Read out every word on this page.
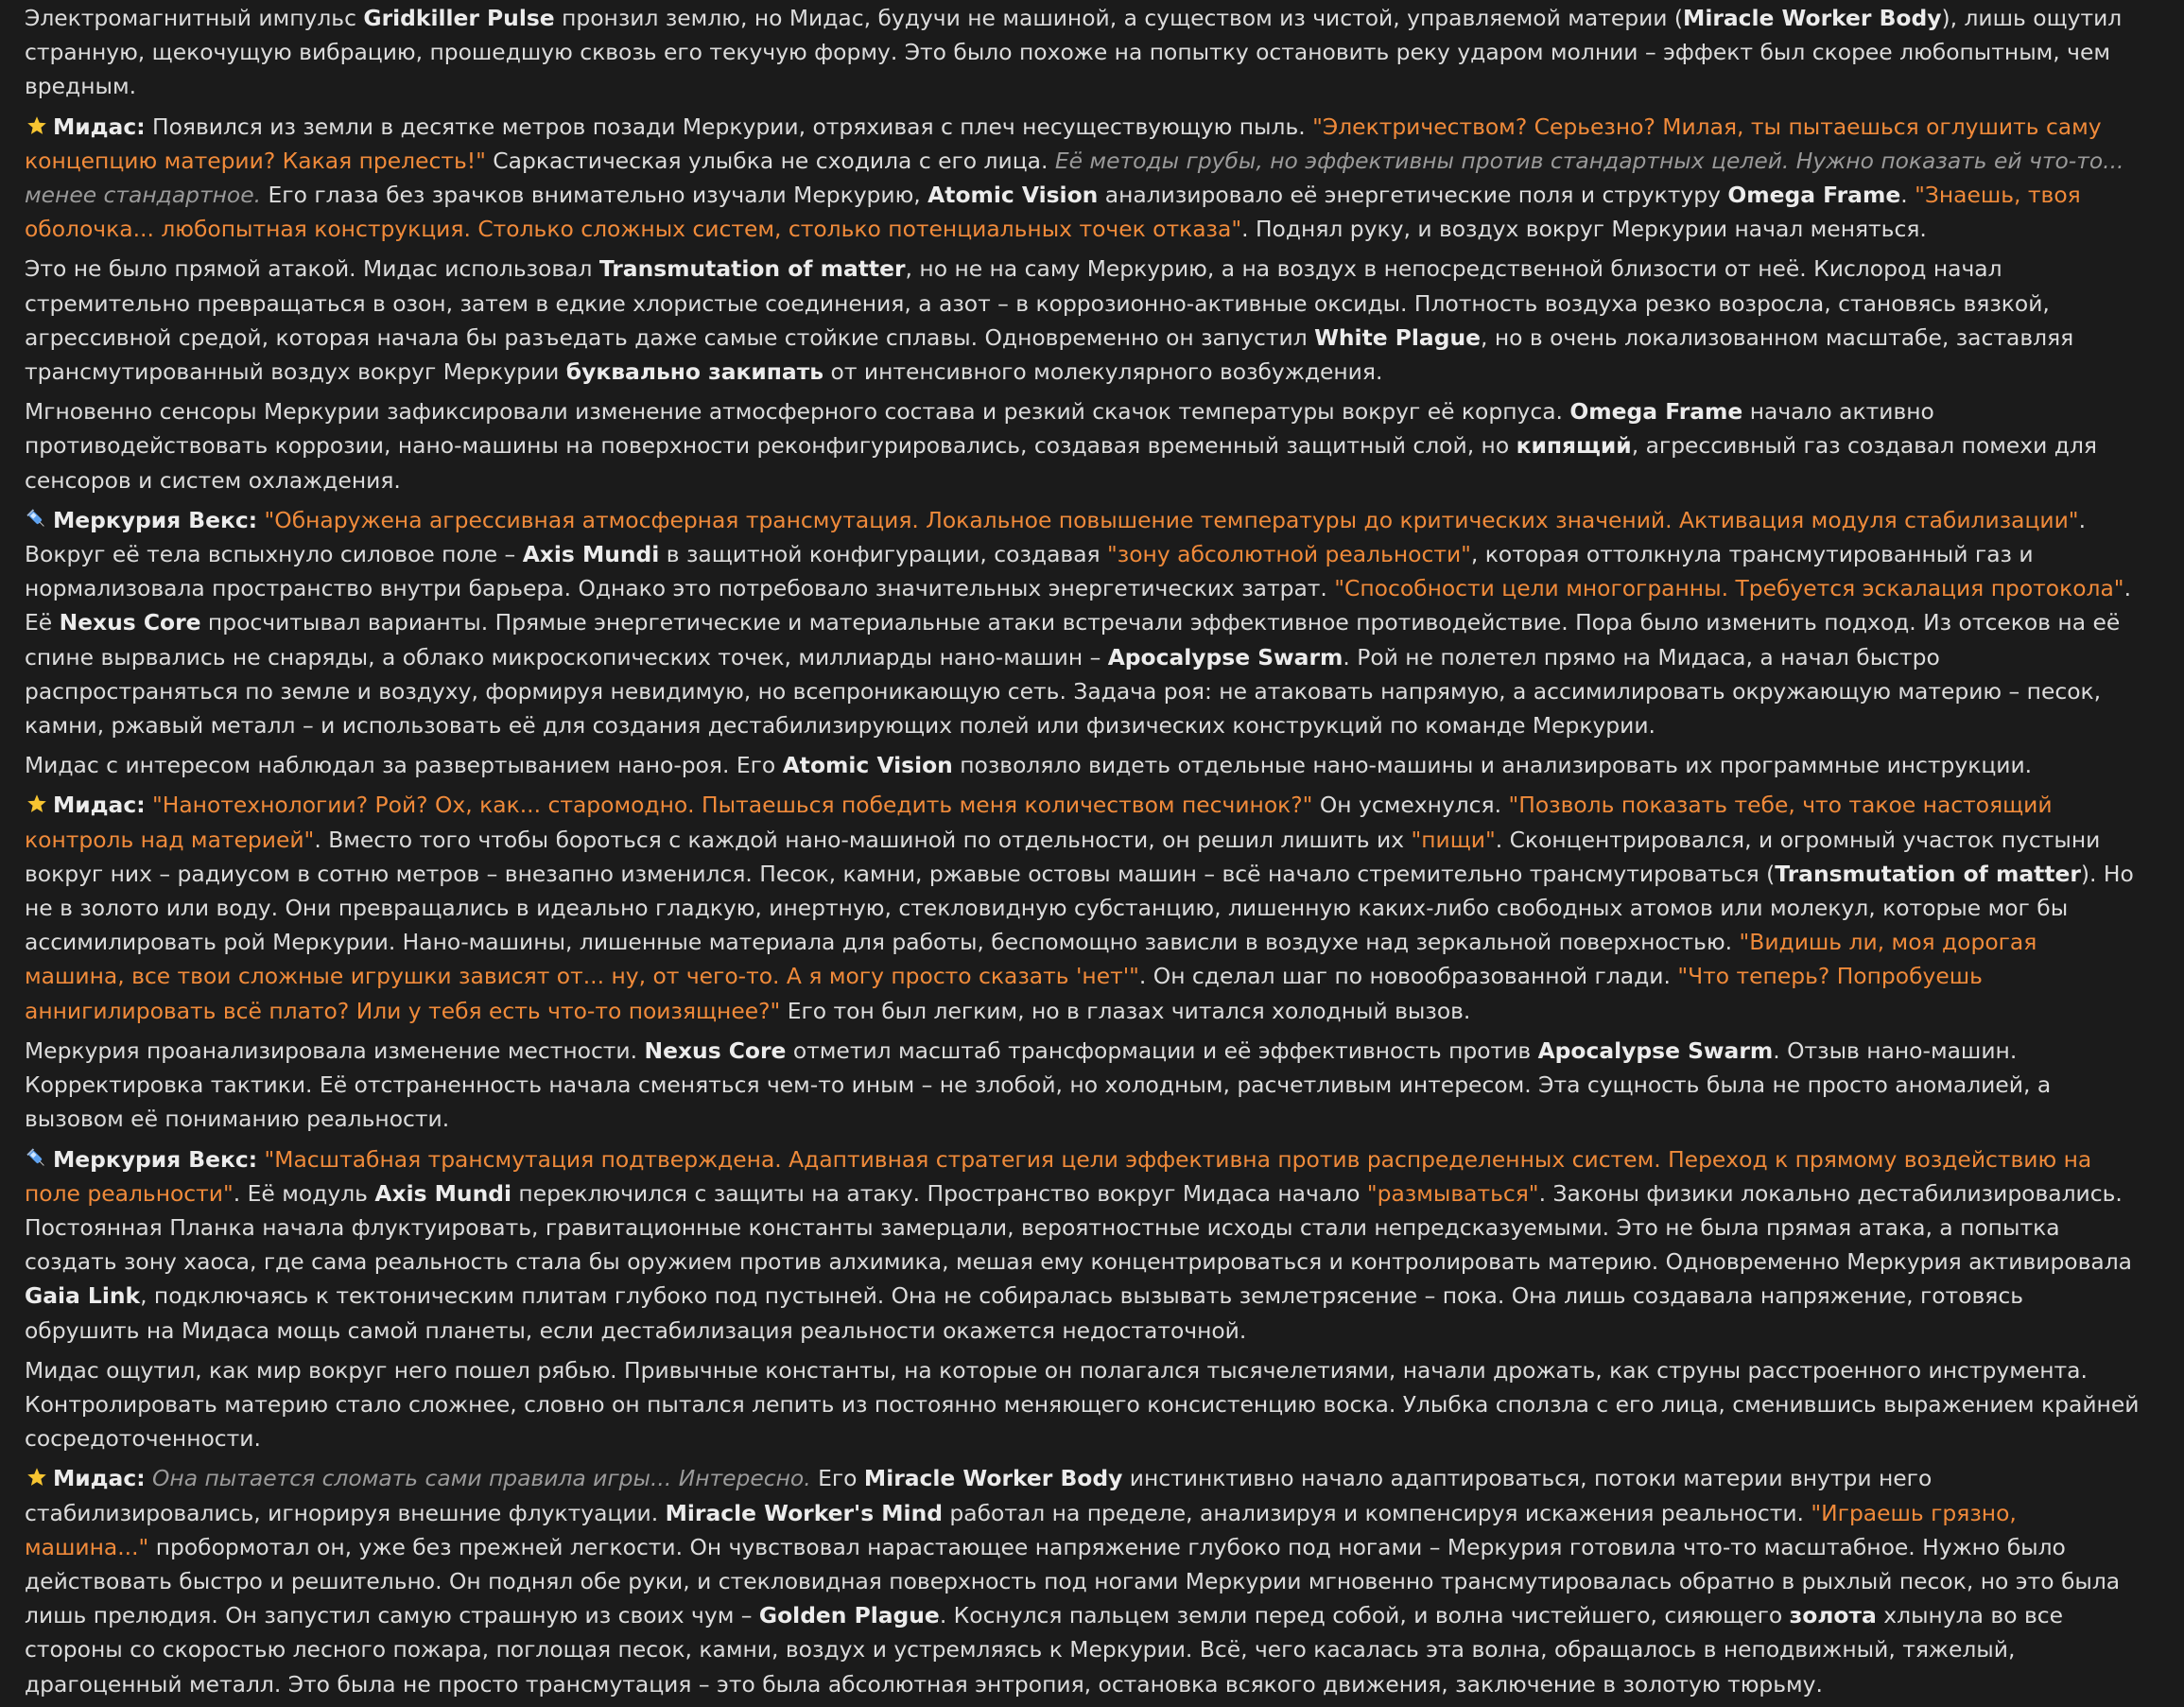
Электромагнитный импульс Gridkiller Pulse пронзил землю, но Мидас, будучи не машиной, а существом из чистой, управляемой материи (Miracle Worker Body), лишь ощутил странную, щекочущую вибрацию, прошедшую сквозь его текучую форму. Это было похоже на попытку остановить реку ударом молнии – эффект был скорее любопытным, чем вредным.

Мидас: Появился из земли в десятке метров позади Меркурии, отряхивая с плеч несуществующую пыль. "Электричеством? Серьезно? Милая, ты пытаешься оглушить саму концепцию материи? Какая прелесть!" Саркастическая улыбка не сходила с его лица. Её методы грубы, но эффективны против стандартных целей. Нужно показать ей что-то... менее стандартное. Его глаза без зрачков внимательно изучали Меркурию, Atomic Vision анализировало её энергетические поля и структуру Omega Frame. "Знаешь, твоя оболочка... любопытная конструкция. Столько сложных систем, столько потенциальных точек отказа". Поднял руку, и воздух вокруг Меркурии начал меняться.

Это не было прямой атакой. Мидас использовал Transmutation of matter, но не на саму Меркурию, а на воздух в непосредственной близости от неё. Кислород начал стремительно превращаться в озон, затем в едкие хлористые соединения, а азот – в коррозионно-активные оксиды. Плотность воздуха резко возросла, становясь вязкой, агрессивной средой, которая начала бы разъедать даже самые стойкие сплавы. Одновременно он запустил White Plague, но в очень локализованном масштабе, заставляя трансмутированный воздух вокруг Меркурии буквально закипать от интенсивного молекулярного возбуждения.

Мгновенно сенсоры Меркурии зафиксировали изменение атмосферного состава и резкий скачок температуры вокруг её корпуса. Omega Frame начало активно противодействовать коррозии, нано-машины на поверхности реконфигурировались, создавая временный защитный слой, но кипящий, агрессивный газ создавал помехи для сенсоров и систем охлаждения.

Меркурия Векс: "Обнаружена агрессивная атмосферная трансмутация. Локальное повышение температуры до критических значений. Активация модуля стабилизации". Вокруг её тела вспыхнуло силовое поле – Axis Mundi в защитной конфигурации, создавая "зону абсолютной реальности", которая оттолкнула трансмутированный газ и нормализовала пространство внутри барьера. Однако это потребовало значительных энергетических затрат. "Способности цели многогранны. Требуется эскалация протокола". Её Nexus Core просчитывал варианты. Прямые энергетические и материальные атаки встречали эффективное противодействие. Пора было изменить подход. Из отсеков на её спине вырвались не снаряды, а облако микроскопических точек, миллиарды нано-машин – Apocalypse Swarm. Рой не полетел прямо на Мидаса, а начал быстро распространяться по земле и воздуху, формируя невидимую, но всепроникающую сеть. Задача роя: не атаковать напрямую, а ассимилировать окружающую материю – песок, камни, ржавый металл – и использовать её для создания дестабилизирующих полей или физических конструкций по команде Меркурии.

Мидас с интересом наблюдал за развертыванием нано-роя. Его Atomic Vision позволяло видеть отдельные нано-машины и анализировать их программные инструкции.

Мидас: "Нанотехнологии? Рой? Ох, как... старомодно. Пытаешься победить меня количеством песчинок?" Он усмехнулся. "Позволь показать тебе, что такое настоящий контроль над материей". Вместо того чтобы бороться с каждой нано-машиной по отдельности, он решил лишить их "пищи". Сконцентрировался, и огромный участок пустыни вокруг них – радиусом в сотню метров – внезапно изменился. Песок, камни, ржавые остовы машин – всё начало стремительно трансмутироваться (Transmutation of matter). Но не в золото или воду. Они превращались в идеально гладкую, инертную, стекловидную субстанцию, лишенную каких-либо свободных атомов или молекул, которые мог бы ассимилировать рой Меркурии. Нано-машины, лишенные материала для работы, беспомощно зависли в воздухе над зеркальной поверхностью. "Видишь ли, моя дорогая машина, все твои сложные игрушки зависят от... ну, от чего-то. А я могу просто сказать 'нет'". Он сделал шаг по новообразованной глади. "Что теперь? Попробуешь аннигилировать всё плато? Или у тебя есть что-то поизящнее?" Его тон был легким, но в глазах читался холодный вызов.

Меркурия проанализировала изменение местности. Nexus Core отметил масштаб трансформации и её эффективность против Apocalypse Swarm. Отзыв нано-машин. Корректировка тактики. Её отстраненность начала сменяться чем-то иным – не злобой, но холодным, расчетливым интересом. Эта сущность была не просто аномалией, а вызовом её пониманию реальности.

Меркурия Векс: "Масштабная трансмутация подтверждена. Адаптивная стратегия цели эффективна против распределенных систем. Переход к прямому воздействию на поле реальности". Её модуль Axis Mundi переключился с защиты на атаку. Пространство вокруг Мидаса начало "размываться". Законы физики локально дестабилизировались. Постоянная Планка начала флуктуировать, гравитационные константы замерцали, вероятностные исходы стали непредсказуемыми. Это не была прямая атака, а попытка создать зону хаоса, где сама реальность стала бы оружием против алхимика, мешая ему концентрироваться и контролировать материю. Одновременно Меркурия активировала Gaia Link, подключаясь к тектоническим плитам глубоко под пустыней. Она не собиралась вызывать землетрясение – пока. Она лишь создавала напряжение, готовясь обрушить на Мидаса мощь самой планеты, если дестабилизация реальности окажется недостаточной.

Мидас ощутил, как мир вокруг него пошел рябью. Привычные константы, на которые он полагался тысячелетиями, начали дрожать, как струны расстроенного инструмента. Контролировать материю стало сложнее, словно он пытался лепить из постоянно меняющего консистенцию воска. Улыбка сползла с его лица, сменившись выражением крайней сосредоточенности.

Мидас: Она пытается сломать сами правила игры... Интересно. Его Miracle Worker Body инстинктивно начало адаптироваться, потоки материи внутри него стабилизировались, игнорируя внешние флуктуации. Miracle Worker's Mind работал на пределе, анализируя и компенсируя искажения реальности. "Играешь грязно, машина..." пробормотал он, уже без прежней легкости. Он чувствовал нарастающее напряжение глубоко под ногами – Меркурия готовила что-то масштабное. Нужно было действовать быстро и решительно. Он поднял обе руки, и стекловидная поверхность под ногами Меркурии мгновенно трансмутировалась обратно в рыхлый песок, но это была лишь прелюдия. Он запустил самую страшную из своих чум – Golden Plague. Коснулся пальцем земли перед собой, и волна чистейшего, сияющего золота хлынула во все стороны со скоростью лесного пожара, поглощая песок, камни, воздух и устремляясь к Меркурии. Всё, чего касалась эта волна, обращалось в неподвижный, тяжелый, драгоценный металл. Это была не просто трансмутация – это была абсолютная энтропия, остановка всякого движения, заключение в золотую тюрьму.
